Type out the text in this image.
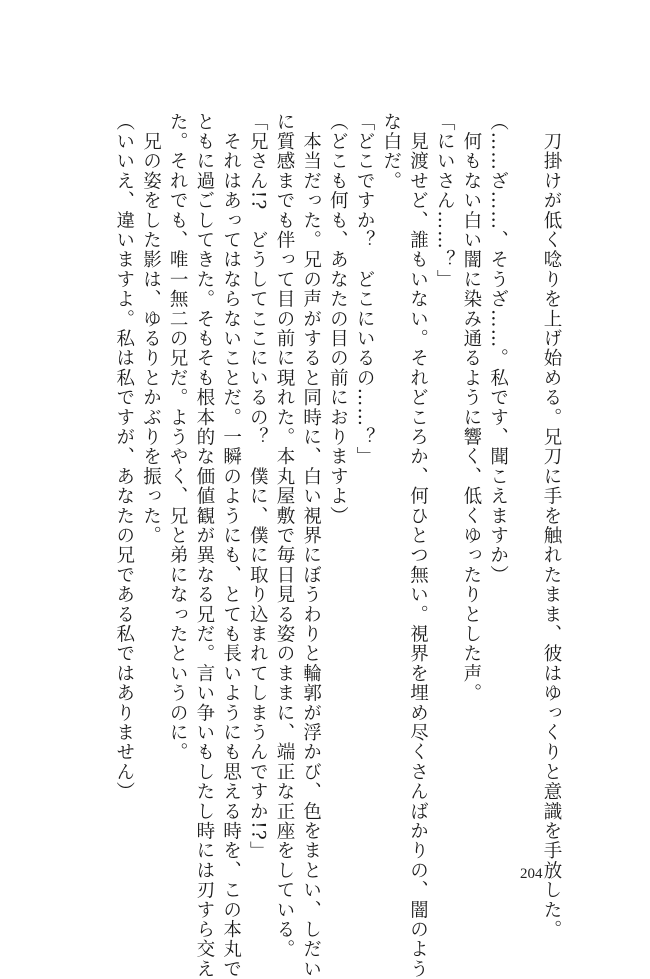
　刀掛けが低く唸りを上げ始める。兄刀に手を触れたまま、彼はゆっくりと意識を手放した。

（……ざ……、そうざ……。私です、聞こえますか）
　何もない白い闇に染み通るように響く、低くゆったりとした声。
「にいさん……？」
　見渡せど、誰もいない。それどころか、何ひとつ無い。視界を埋め尽くさんばかりの、闇のよう
な白だ。
「どこですか？　どこにいるの……？」
（どこも何も、あなたの目の前におりますよ）
　本当だった。兄の声がすると同時に、白い視界にぼうわりと輪郭が浮かび、色をまとい、しだい
に質感までも伴って目の前に現れた。本丸屋敷で毎日見る姿のままに、端正な正座をしている。
「兄さん!?　どうしてここにいるの？　僕に、僕に取り込まれてしまうんですか!?」
　それはあってはならないことだ。一瞬のようにも、とても長いようにも思える時を、この本丸で
ともに過ごしてきた。そもそも根本的な価値観が異なる兄だ。言い争いもしたし時には刃すら交え
た。それでも、唯一無二の兄だ。ようやく、兄と弟になったというのに。
　兄の姿をした影は、ゆるりとかぶりを振った。
（いいえ、違いますよ。私は私ですが、あなたの兄である私ではありません）
204
